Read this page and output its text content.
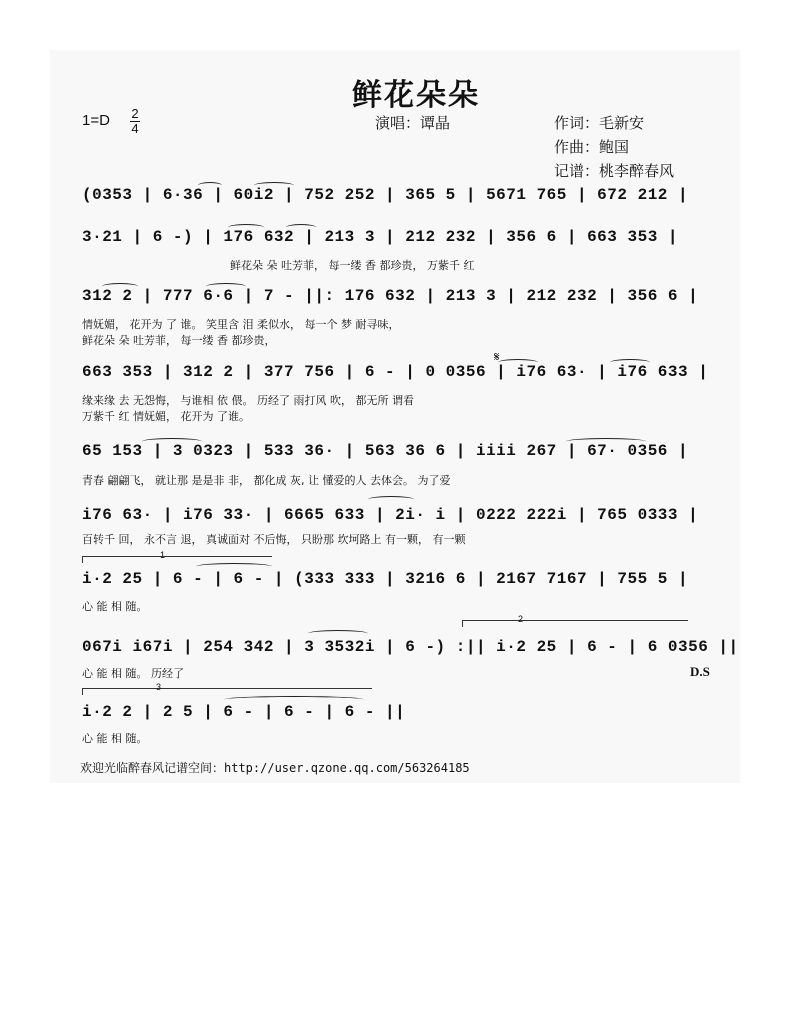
鲜花朵朵
1=D 2
4	演唱：谭晶	作词：毛新安
作曲：鲍国
记谱：桃李醉春风
(0353 | 6·36 | 60i2 | 752 252 | 365 5 | 5671 765 | 672 212 |
3·21 | 6 -) | 176 632 | 213 3 | 212 232 | 356 6 | 663 353 |
鲜花朵 朵 吐芳菲， 每一缕 香 都珍贵， 万紫千 红
312 2 | 777 6·6 | 7 - ||: 176 632 | 213 3 | 212 232 | 356 6 |
情妩媚， 花开为 了 谁。 笑里含 泪 柔似水， 每一个 梦 耐寻味，
鲜花朵 朵 吐芳菲， 每一缕 香 都珍贵，
663 353 | 312 2 | 377 756 | 6 - | 0 0356 | i76 63· | i76 633 |
𝄋
缘来缘 去 无怨悔， 与谁相 依 偎。 历经了 雨打风 吹， 都无所 谓看
万紫千 红 情妩媚， 花开为 了谁。
65 153 | 3 0323 | 533 36· | 563 36 6 | iiii 267 | 67· 0356 |
青春 翩翩飞， 就让那 是是非 非， 都化成 灰, 让 懂爱的人 去体会。 为了爱
i76 63· | i76 33· | 6665 633 | 2i· i | 0222 222i | 765 0333 |
百转千 回， 永不言 退， 真诚面对 不后悔， 只盼那 坎坷路上 有一颗， 有一颗
1
i·2 25 | 6 - | 6 - | (333 333 | 3216 6 | 2167 7167 | 755 5 |
心 能 相 随。
2
067i i67i | 254 342 | 3 3532i | 6 -) :|| i·2 25 | 6 - | 6 0356 ||
心 能 相 随。 历经了	D.S
3
i·2 2 | 2 5 | 6 - | 6 - | 6 - ||
心 能 相 随。
欢迎光临醉春风记谱空间：http://user.qzone.qq.com/563264185
